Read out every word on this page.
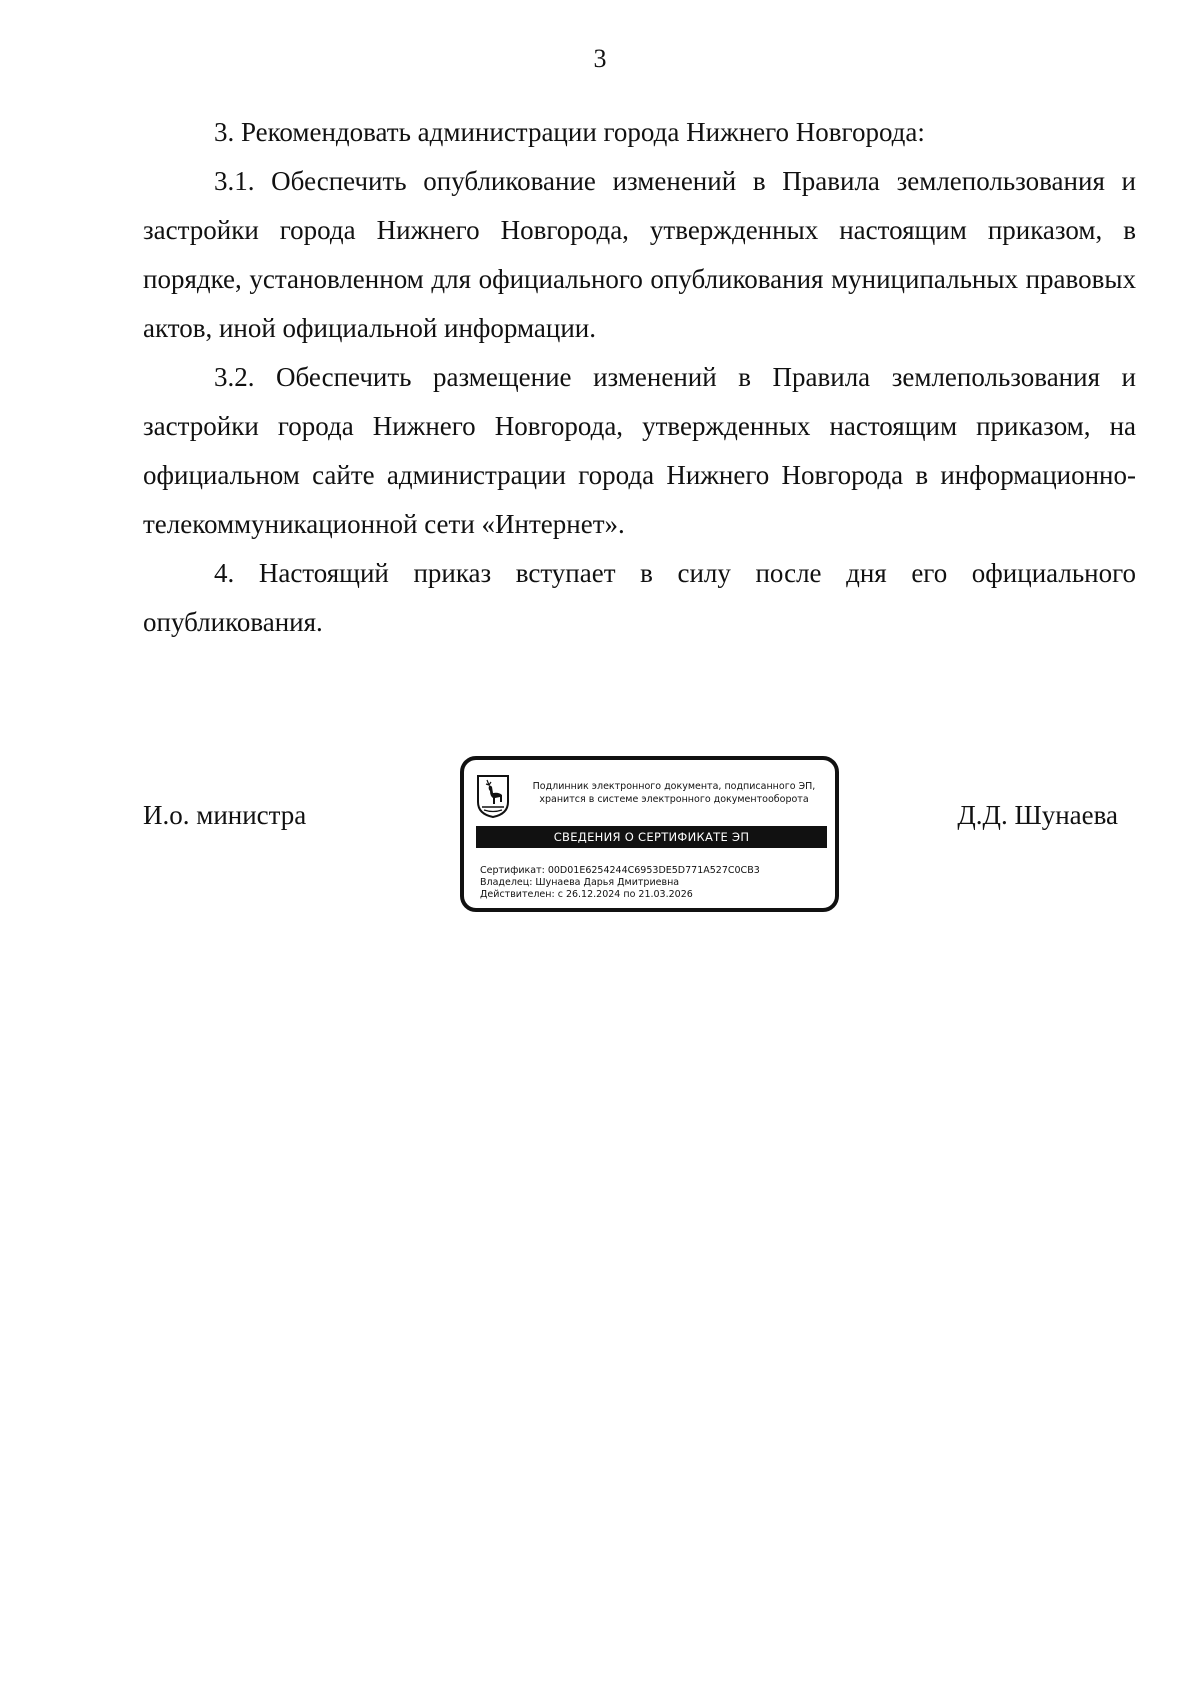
3

3. Рекомендовать администрации города Нижнего Новгорода:

3.1. Обеспечить опубликование изменений в Правила землепользования и застройки города Нижнего Новгорода, утвержденных настоящим приказом, в порядке, установленном для официального опубликования муниципальных правовых актов, иной официальной информации.

3.2. Обеспечить размещение изменений в Правила землепользования и застройки города Нижнего Новгорода, утвержденных настоящим приказом, на официальном сайте администрации города Нижнего Новгорода в информационно-телекоммуникационной сети «Интернет».

4. Настоящий приказ вступает в силу после дня его официального опубликования.

И.о. министра
Подлинник электронного документа, подписанного ЭП,
хранится в системе электронного документооборота
СВЕДЕНИЯ О СЕРТИФИКАТЕ ЭП
Сертификат: 00D01E6254244C6953DE5D771A527C0CB3
Владелец: Шунаева Дарья Дмитриевна
Действителен: с 26.12.2024 по 21.03.2026
Д.Д. Шунаева
